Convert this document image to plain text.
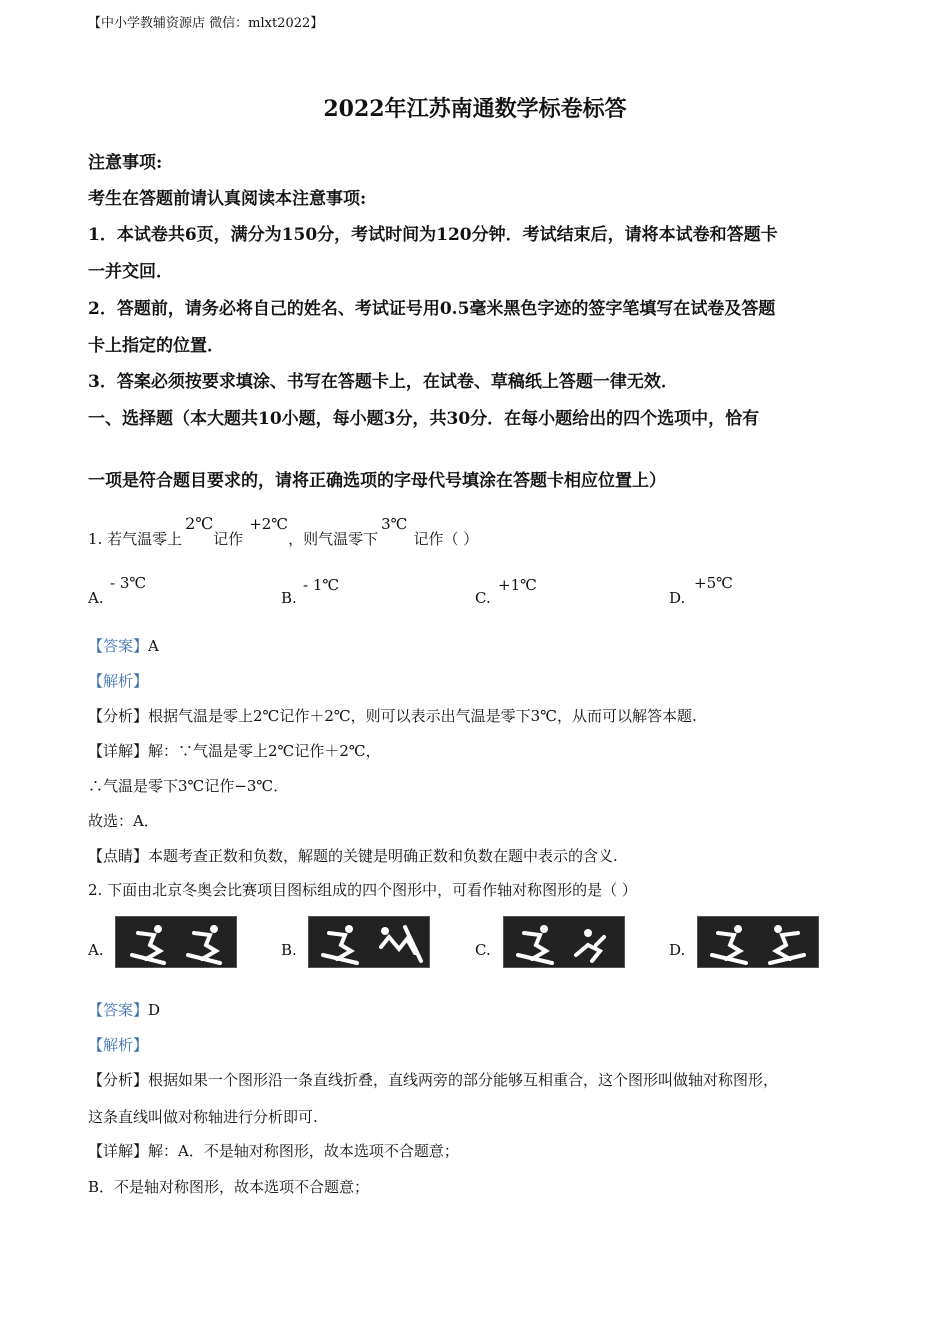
【中小学教辅资源店 微信：mlxt2022】
2022年江苏南通数学标卷标答
注意事项:
考生在答题前请认真阅读本注意事项:
1．本试卷共6页，满分为150分，考试时间为120分钟．考试结束后，请将本试卷和答题卡
一并交回．
2．答题前，请务必将自己的姓名、考试证号用0.5毫米黑色字迹的签字笔填写在试卷及答题
卡上指定的位置．
3．答案必须按要求填涂、书写在答题卡上，在试卷、草稿纸上答题一律无效．
一、选择题（本大题共10小题，每小题3分，共30分．在每小题给出的四个选项中，恰有
一项是符合题目要求的，请将正确选项的字母代号填涂在答题卡相应位置上）
1. 若气温零上2℃记作+2℃，则气温零下3℃记作（ ）
A.
- 3℃
B.
- 1℃
C.
+1℃
D.
+5℃
【答案】A
【解析】
【分析】根据气温是零上2℃记作＋2℃，则可以表示出气温是零下3℃，从而可以解答本题.
【详解】解：∵气温是零上2℃记作＋2℃，
∴气温是零下3℃记作−3℃．
故选：A．
【点睛】本题考查正数和负数，解题的关键是明确正数和负数在题中表示的含义.
2. 下面由北京冬奥会比赛项目图标组成的四个图形中，可看作轴对称图形的是（ ）
A.	B.	C.	D.
【答案】D
【解析】
【分析】根据如果一个图形沿一条直线折叠，直线两旁的部分能够互相重合，这个图形叫做轴对称图形，
这条直线叫做对称轴进行分析即可.
【详解】解：A．不是轴对称图形，故本选项不合题意；
B．不是轴对称图形，故本选项不合题意；
